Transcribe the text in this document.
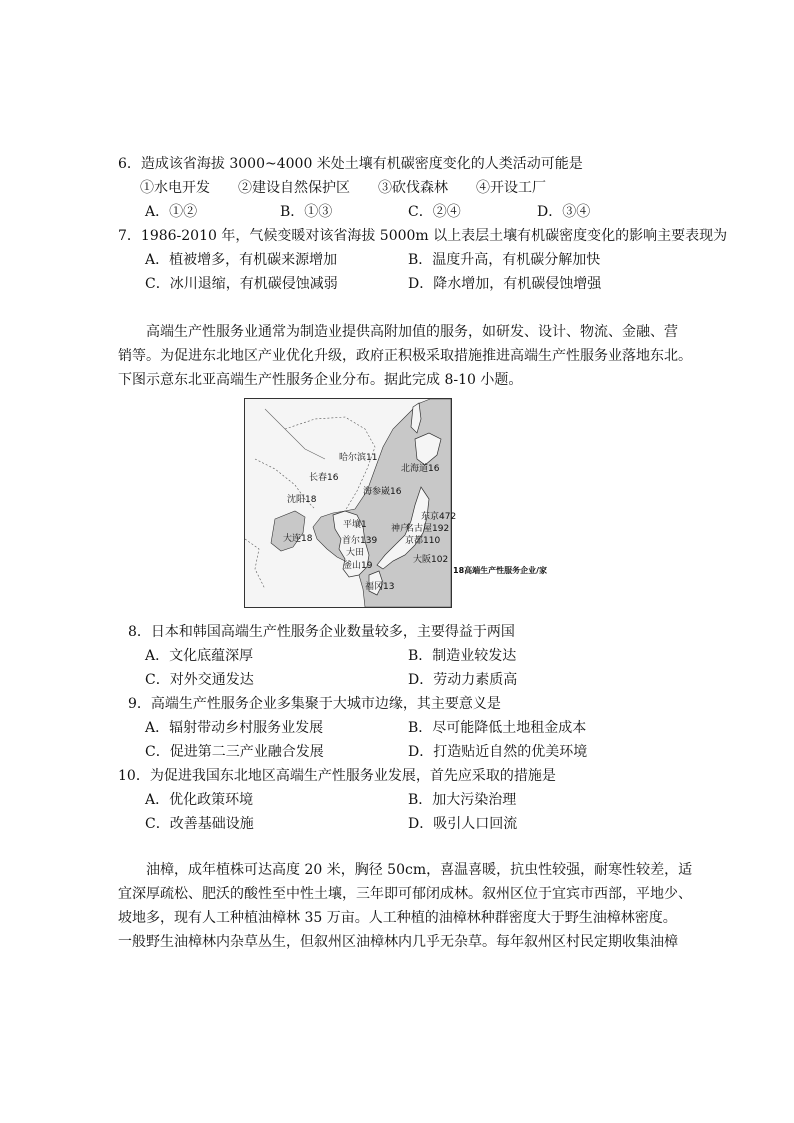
6．造成该省海拔 3000~4000 米处土壤有机碳密度变化的人类活动可能是
①水电开发 ②建设自然保护区 ③砍伐森林 ④开设工厂
A．①②	B．①③	C．②④	D．③④
7．1986-2010 年，气候变暖对该省海拔 5000m 以上表层土壤有机碳密度变化的影响主要表现为
A．植被增多，有机碳来源增加	B．温度升高，有机碳分解加快
C．冰川退缩，有机碳侵蚀减弱	D．降水增加，有机碳侵蚀增强
高端生产性服务业通常为制造业提供高附加值的服务，如研发、设计、物流、金融、营
销等。为促进东北地区产业优化升级，政府正积极采取措施推进高端生产性服务业落地东北。
下图示意东北亚高端生产性服务企业分布。据此完成 8-10 小题。
哈尔滨11
长春16
沈阳18
大连18
平壤1
首尔139
大田
釜山19
福冈13
海参崴16
北海道16
东京472
名古屋192
神户
京都110
大阪102
18高端生产性服务企业/家
8．日本和韩国高端生产性服务企业数量较多，主要得益于两国
A．文化底蕴深厚	B．制造业较发达
C．对外交通发达	D．劳动力素质高
9．高端生产性服务企业多集聚于大城市边缘，其主要意义是
A．辐射带动乡村服务业发展	B．尽可能降低土地租金成本
C．促进第二三产业融合发展	D．打造贴近自然的优美环境
10．为促进我国东北地区高端生产性服务业发展，首先应采取的措施是
A．优化政策环境	B．加大污染治理
C．改善基础设施	D．吸引人口回流
油樟，成年植株可达高度 20 米，胸径 50cm，喜温喜暖，抗虫性较强，耐寒性较差，适
宜深厚疏松、肥沃的酸性至中性土壤，三年即可郁闭成林。叙州区位于宜宾市西部，平地少、
坡地多，现有人工种植油樟林 35 万亩。人工种植的油樟林种群密度大于野生油樟林密度。
一般野生油樟林内杂草丛生，但叙州区油樟林内几乎无杂草。每年叙州区村民定期收集油樟
